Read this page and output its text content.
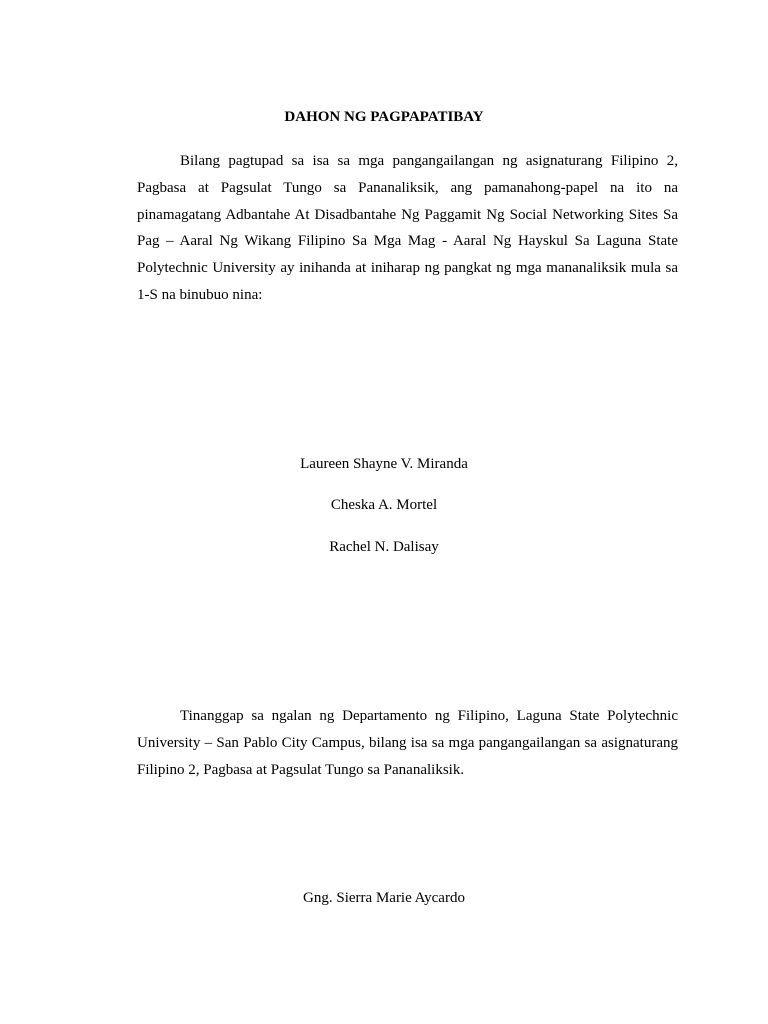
DAHON NG PAGPAPATIBAY

Bilang pagtupad sa isa sa mga pangangailangan ng asignaturang Filipino 2, Pagbasa at Pagsulat Tungo sa Pananaliksik, ang pamanahong-papel na ito na pinamagatang Adbantahe At Disadbantahe Ng Paggamit Ng Social Networking Sites Sa Pag – Aaral Ng Wikang Filipino Sa Mga Mag - Aaral Ng Hayskul Sa Laguna State Polytechnic University ay inihanda at iniharap ng pangkat ng mga mananaliksik mula sa 1-S na binubuo nina:

Laureen Shayne V. Miranda
Cheska A. Mortel
Rachel N. Dalisay

Tinanggap sa ngalan ng Departamento ng Filipino, Laguna State Polytechnic University – San Pablo City Campus, bilang isa sa mga pangangailangan sa asignaturang Filipino 2, Pagbasa at Pagsulat Tungo sa Pananaliksik.

Gng. Sierra Marie Aycardo
